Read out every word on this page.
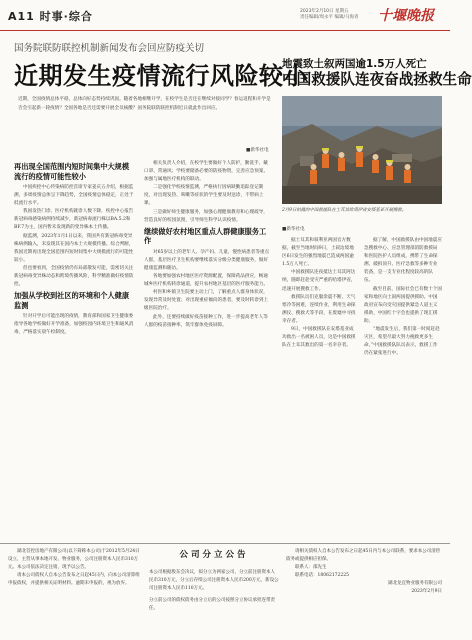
A11 时事·综合	2023年2月10日 星期五
责任编辑/周永平 编辑/马海青 十堰晚报
国务院联防联控机制新闻发布会回应防疫关切
近期发生疫情流行风险较小

近期，全国疫情总体平稳，总体向好态势持续巩固。随着各地相继开学，在校学生是否还在继续对接同学？春运返程和开学是否会引起新一轮疫情？全国各地是否还需要开展全员核酸？国务院联防联控机制近日就此作出回应。

■新华社电
再出现全国范围内短时间集中大规模流行的疫情可能性较小

中国疾控中心传染病防控首席专家姜庆五介绍，根据监测，多周疫情总体呈下降趋势，全国疫情总体稳定，正处于低流行水平。

我国发热门诊、医疗机构就诊人数下降，疾控中心报告新冠病毒感染病例持续减少，新冠病毒流行株以BA.5.2和BF.7为主，国内暂未发现新的变异株本土传播。

据监测，2023年1月1日以来，我国共有新冠病毒变异株病例输入，未发现其在国内本土大规模传播。综合判断，我国近期再出现全国范围内短时间集中大规模流行的可能性较小。

但也要看到，全国疫情仍有局部散发可能，需密切关注新冠病毒变异株动态和跨境传播风险，科学精准做好疫情防控。

加强从学校到社区的环境和个人健康监测

针对开学后可能出现的疫情，教育部和国家卫生健康委指导各地学校做好开学准备，加强校园内环境卫生和通风消毒，严格落实晨午检制度。

相关负责人介绍，在校学生要做好个人防护，勤洗手、戴口罩、常通风；学校要储备必要的防疫物资，完善应急预案，加强与属地医疗机构的联动。

二是强化学校疫情监测，严格执行因病缺勤追踪登记制度，对出现发热、咳嗽等症状的学生要及时送诊，不带病上课。

三是做好师生健康服务，加强心理健康教育和心理疏导，营造良好的校园氛围，引导师生科学认识疫情。

继续做好农村地区重点人群健康服务工作

对65岁以上的老年人、孕产妇、儿童、慢性病患者等重点人群，基层医疗卫生机构要继续落实分级分类健康服务，做好健康监测和随访。

各地要加强农村地区医疗资源配置，保障药品供应，畅通城乡医疗机构转诊通道，提升农村地区基层的医疗服务能力。

村医和乡镇卫生院要主动上门，了解重点人群身体状况，发现异常及时处置；对出现重症倾向的患者，要及时转诊到上级医院治疗。

此外，还要持续做好疫苗接种工作，进一步提高老年人等人群的疫苗接种率，筑牢群体免疫屏障。

地震致土叙两国逾1.5万人死亡
中国救援队连夜奋战拯救生命
2月9日拍摄的中国救援队在土耳其哈塔伊省安塔基亚开展搜救。
■新华社电

据土耳其和叙利亚两国官方数据，截至当地时间9日，土叙边境地区6日发生的强烈地震已造成两国逾1.5万人死亡。

中国救援队连夜抵达土耳其阿达纳，随即赶赴受灾严重的哈塔伊省，迅速开展搜救工作。

救援队员们克服余震不断、天气寒冷等困难，连续作业，利用生命探测仪、搜救犬等手段，在废墟中寻找幸存者。

9日，中国救援队在安塔基亚成功救出一名被困人员，这是中国救援队在土耳其救出的第一名幸存者。

据了解，中国救援队由中国地震应急搜救中心、应急管理部消防救援局和医院医护人员组成，携带了生命探测、破拆顶升、医疗急救等多种专业装备，是一支专业化程度较高的队伍。

截至目前，国际社会已有数十个国家和地区向土叙两国提供援助。中国政府宣布向受灾国提供紧急人道主义援助，中国红十字会也提供了现汇援助。

“地震发生后，我们第一时间赶赴灾区，希望尽最大努力挽救更多生命。”中国救援队队员表示，救援工作仍在紧张进行中。

湖北首控房地产有限公司(以下简称本公司)于2012年5月24日设立，主营从事本地开发、物业服务，公司注册资本人民币310万元。本公司依法决定注销，现予以公告。

请本公司债权人自本公告发布之日起45日内，向本公司清算组申报债权，并提供相关证明材料。逾期未申报的，视为放弃。

公司分立公告

本公司根据股东会决议，拟分立为两家公司，分立前注册资本人民币310万元，分立后存续公司注册资本人民币200万元，新设公司注册资本人民币110万元。

分立前公司的债权债务由分立后的公司按照分立协议承担连带责任。

请相关债权人自本公告发布之日起45日内与本公司联系，要求本公司清偿债务或提供相应担保。

联系人：邵先生

联系电话：18062172225

湖北龙宜物业服务有限公司

2023年2月9日
